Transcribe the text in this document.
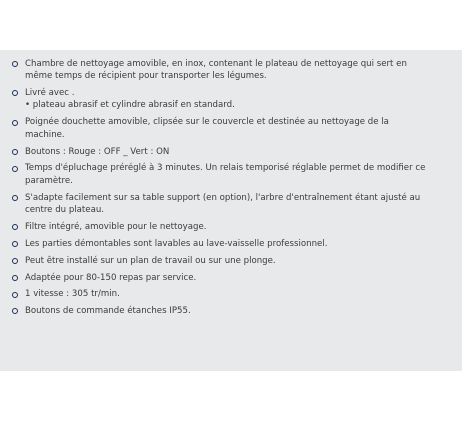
Chambre de nettoyage amovible, en inox, contenant le plateau de nettoyage qui sert en
même temps de récipient pour transporter les légumes.
Livré avec .
• plateau abrasif et cylindre abrasif en standard.
Poignée douchette amovible, clipsée sur le couvercle et destinée au nettoyage de la
machine.
Boutons : Rouge : OFF _ Vert : ON
Temps d'épluchage préréglé à 3 minutes. Un relais temporisé réglable permet de modifier ce
paramètre.
S'adapte facilement sur sa table support (en option), l'arbre d'entraînement étant ajusté au
centre du plateau.
Filtre intégré, amovible pour le nettoyage.
Les parties démontables sont lavables au lave-vaisselle professionnel.
Peut être installé sur un plan de travail ou sur une plonge.
Adaptée pour 80-150 repas par service.
1 vitesse : 305 tr/min.
Boutons de commande étanches IP55.
